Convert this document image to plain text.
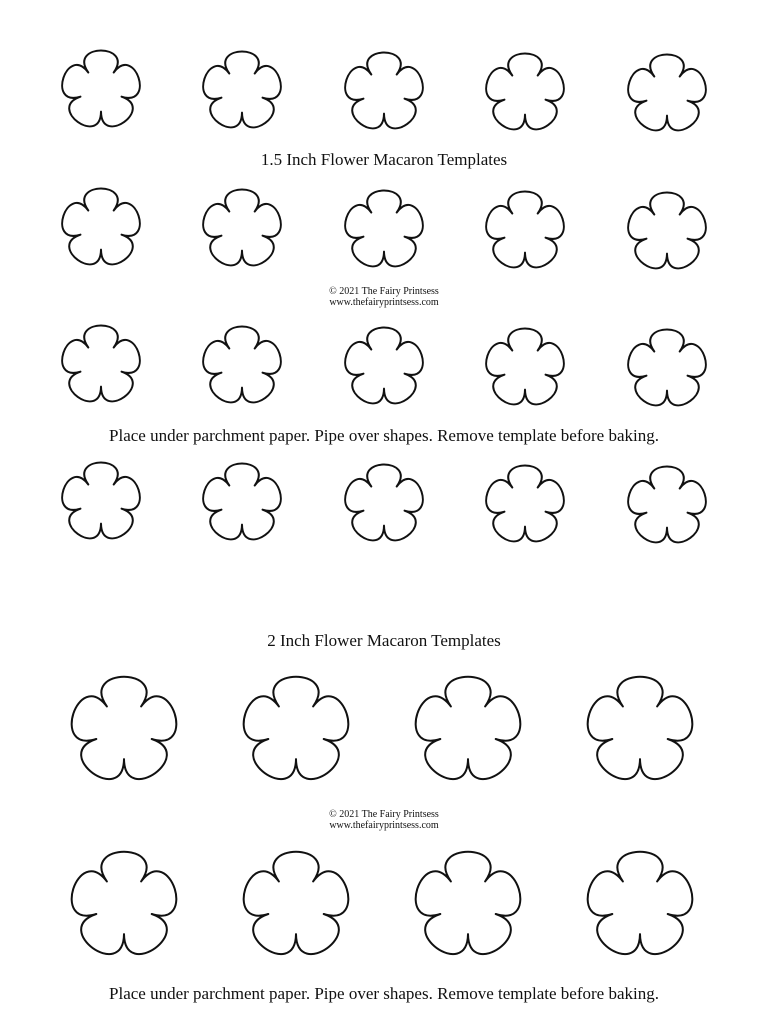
1.5 Inch Flower Macaron Templates
© 2021 The Fairy Printsess
www.thefairyprintsess.com
Place under parchment paper. Pipe over shapes. Remove template before baking.
2 Inch Flower Macaron Templates
© 2021 The Fairy Printsess
www.thefairyprintsess.com
Place under parchment paper. Pipe over shapes. Remove template before baking.
